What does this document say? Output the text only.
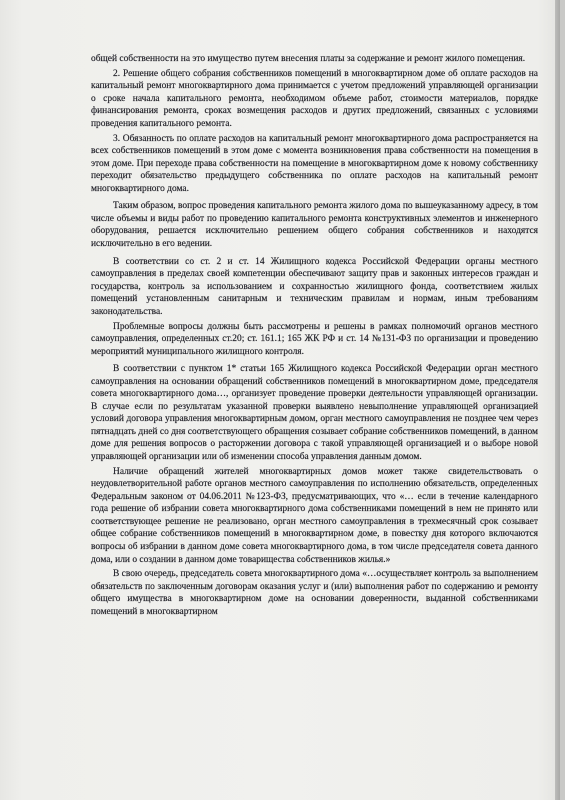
общей собственности на это имущество путем внесения платы за содержание и ремонт жилого помещения.

2. Решение общего собрания собственников помещений в многоквартирном доме об оплате расходов на капитальный ремонт многоквартирного дома принимается с учетом предложений управляющей организации о сроке начала капитального ремонта, необходимом объеме работ, стоимости материалов, порядке финансирования ремонта, сроках возмещения расходов и других предложений, связанных с условиями проведения капитального ремонта.

3. Обязанность по оплате расходов на капитальный ремонт многоквартирного дома распространяется на всех собственников помещений в этом доме с момента возникновения права собственности на помещения в этом доме. При переходе права собственности на помещение в многоквартирном доме к новому собственнику переходит обязательство предыдущего собственника по оплате расходов на капитальный ремонт многоквартирного дома.

Таким образом, вопрос проведения капитального ремонта жилого дома по вышеуказанному адресу, в том числе объемы и виды работ по проведению капитального ремонта конструктивных элементов и инженерного оборудования, решается исключительно решением общего собрания собственников и находятся исключительно в его ведении.

В соответствии со ст. 2 и ст. 14 Жилищного кодекса Российской Федерации органы местного самоуправления в пределах своей компетенции обеспечивают защиту прав и законных интересов граждан и государства, контроль за использованием и сохранностью жилищного фонда, соответствием жилых помещений установленным санитарным и техническим правилам и нормам, иным требованиям законодательства.

Проблемные вопросы должны быть рассмотрены и решены в рамках полномочий органов местного самоуправления, определенных ст.20; ст. 161.1; 165 ЖК РФ и ст. 14 №131-ФЗ по организации и проведению мероприятий муниципального жилищного контроля.

В соответствии с пунктом 1* статьи 165 Жилищного кодекса Российской Федерации орган местного самоуправления на основании обращений собственников помещений в многоквартирном доме, председателя совета многоквартирного дома…, организует проведение проверки деятельности управляющей организации. В случае если по результатам указанной проверки выявлено невыполнение управляющей организацией условий договора управления многоквартирным домом, орган местного самоуправления не позднее чем через пятнадцать дней со дня соответствующего обращения созывает собрание собственников помещений, в данном доме для решения вопросов о расторжении договора с такой управляющей организацией и о выборе новой управляющей организации или об изменении способа управления данным домом.

Наличие обращений жителей многоквартирных домов может также свидетельствовать о неудовлетворительной работе органов местного самоуправления по исполнению обязательств, определенных Федеральным законом от 04.06.2011 №123-ФЗ, предусматривающих, что «… если в течение календарного года решение об избрании совета многоквартирного дома собственниками помещений в нем не принято или соответствующее решение не реализовано, орган местного самоуправления в трехмесячный срок созывает общее собрание собственников помещений в многоквартирном доме, в повестку дня которого включаются вопросы об избрании в данном доме совета многоквартирного дома, в том числе председателя совета данного дома, или о создании в данном доме товарищества собственников жилья.»

В свою очередь, председатель совета многоквартирного дома «…осуществляет контроль за выполнением обязательств по заключенным договорам оказания услуг и (или) выполнения работ по содержанию и ремонту общего имущества в многоквартирном доме на основании доверенности, выданной собственниками помещений в многоквартирном
